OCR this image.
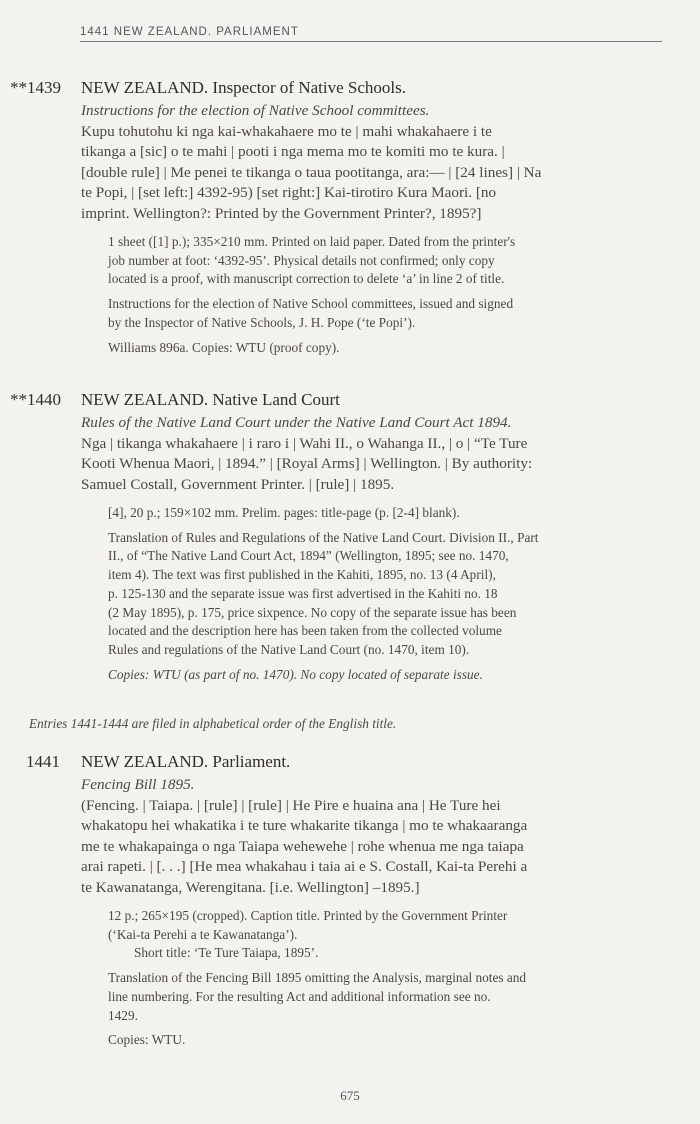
1441 NEW ZEALAND. PARLIAMENT
**1439 NEW ZEALAND. Inspector of Native Schools.

Instructions for the election of Native School committees.

Kupu tohutohu ki nga kai-whakahaere mo te | mahi whakahaere i te

tikanga a [sic] o te mahi | pooti i nga mema mo te komiti mo te kura. |

[double rule] | Me penei te tikanga o taua pootitanga, ara:— | [24 lines] | Na

te Popi, | [set left:] 4392-95) [set right:] Kai-tirotiro Kura Maori. [no

imprint. Wellington?: Printed by the Government Printer?, 1895?]

1 sheet ([1] p.); 335×210 mm. Printed on laid paper. Dated from the printer's

job number at foot: ‘4392-95’. Physical details not confirmed; only copy

located is a proof, with manuscript correction to delete ‘a’ in line 2 of title.

Instructions for the election of Native School committees, issued and signed

by the Inspector of Native Schools, J. H. Pope (‘te Popi’).

Williams 896a. Copies: WTU (proof copy).

**1440 NEW ZEALAND. Native Land Court

Rules of the Native Land Court under the Native Land Court Act 1894.

Nga | tikanga whakahaere | i raro i | Wahi II., o Wahanga II., | o | “Te Ture

Kooti Whenua Maori, | 1894.” | [Royal Arms] | Wellington. | By authority:

Samuel Costall, Government Printer. | [rule] | 1895.

[4], 20 p.; 159×102 mm. Prelim. pages: title-page (p. [2-4] blank).

Translation of Rules and Regulations of the Native Land Court. Division II., Part

II., of “The Native Land Court Act, 1894” (Wellington, 1895; see no. 1470,

item 4). The text was first published in the Kahiti, 1895, no. 13 (4 April),

p. 125-130 and the separate issue was first advertised in the Kahiti no. 18

(2 May 1895), p. 175, price sixpence. No copy of the separate issue has been

located and the description here has been taken from the collected volume

Rules and regulations of the Native Land Court (no. 1470, item 10).

Copies: WTU (as part of no. 1470). No copy located of separate issue.

Entries 1441-1444 are filed in alphabetical order of the English title.
1441 NEW ZEALAND. Parliament.

Fencing Bill 1895.

(Fencing. | Taiapa. | [rule] | [rule] | He Pire e huaina ana | He Ture hei

whakatopu hei whakatika i te ture whakarite tikanga | mo te whakaaranga

me te whakapainga o nga Taiapa wehewehe | rohe whenua me nga taiapa

arai rapeti. | [. . .] [He mea whakahau i taia ai e S. Costall, Kai-ta Perehi a

te Kawanatanga, Werengitana. [i.e. Wellington] –1895.]

12 p.; 265×195 (cropped). Caption title. Printed by the Government Printer

(‘Kai-ta Perehi a te Kawanatanga’).

Short title: ‘Te Ture Taiapa, 1895’.

Translation of the Fencing Bill 1895 omitting the Analysis, marginal notes and

line numbering. For the resulting Act and additional information see no.

1429.

Copies: WTU.

675
